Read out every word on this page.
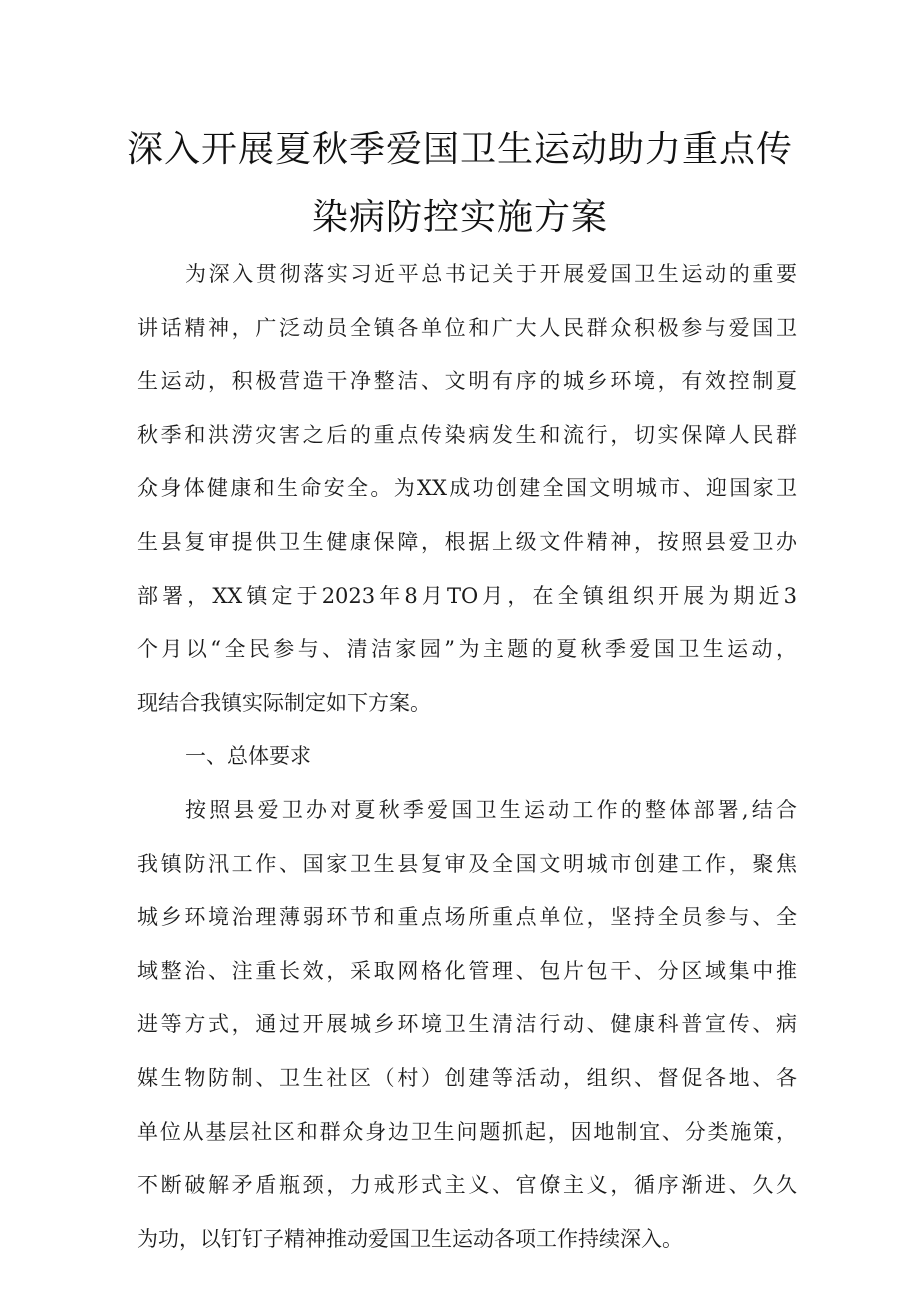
深入开展夏秋季爱国卫生运动助力重点传
染病防控实施方案
为深入贯彻落实习近平总书记关于开展爱国卫生运动的重要
讲话精神，广泛动员全镇各单位和广大人民群众积极参与爱国卫
生运动，积极营造干净整洁、文明有序的城乡环境，有效控制夏
秋季和洪涝灾害之后的重点传染病发生和流行，切实保障人民群
众身体健康和生命安全。为XX成功创建全国文明城市、迎国家卫
生县复审提供卫生健康保障，根据上级文件精神，按照县爱卫办
部署，XX镇定于2023年8月TO月，在全镇组织开展为期近3
个月以“全民参与、清洁家园”为主题的夏秋季爱国卫生运动，
现结合我镇实际制定如下方案。
一、总体要求
按照县爱卫办对夏秋季爱国卫生运动工作的整体部署,结合
我镇防汛工作、国家卫生县复审及全国文明城市创建工作，聚焦
城乡环境治理薄弱环节和重点场所重点单位，坚持全员参与、全
域整治、注重长效，采取网格化管理、包片包干、分区域集中推
进等方式，通过开展城乡环境卫生清洁行动、健康科普宣传、病
媒生物防制、卫生社区（村）创建等活动，组织、督促各地、各
单位从基层社区和群众身边卫生问题抓起，因地制宜、分类施策，
不断破解矛盾瓶颈，力戒形式主义、官僚主义，循序渐进、久久
为功，以钉钉子精神推动爱国卫生运动各项工作持续深入。
